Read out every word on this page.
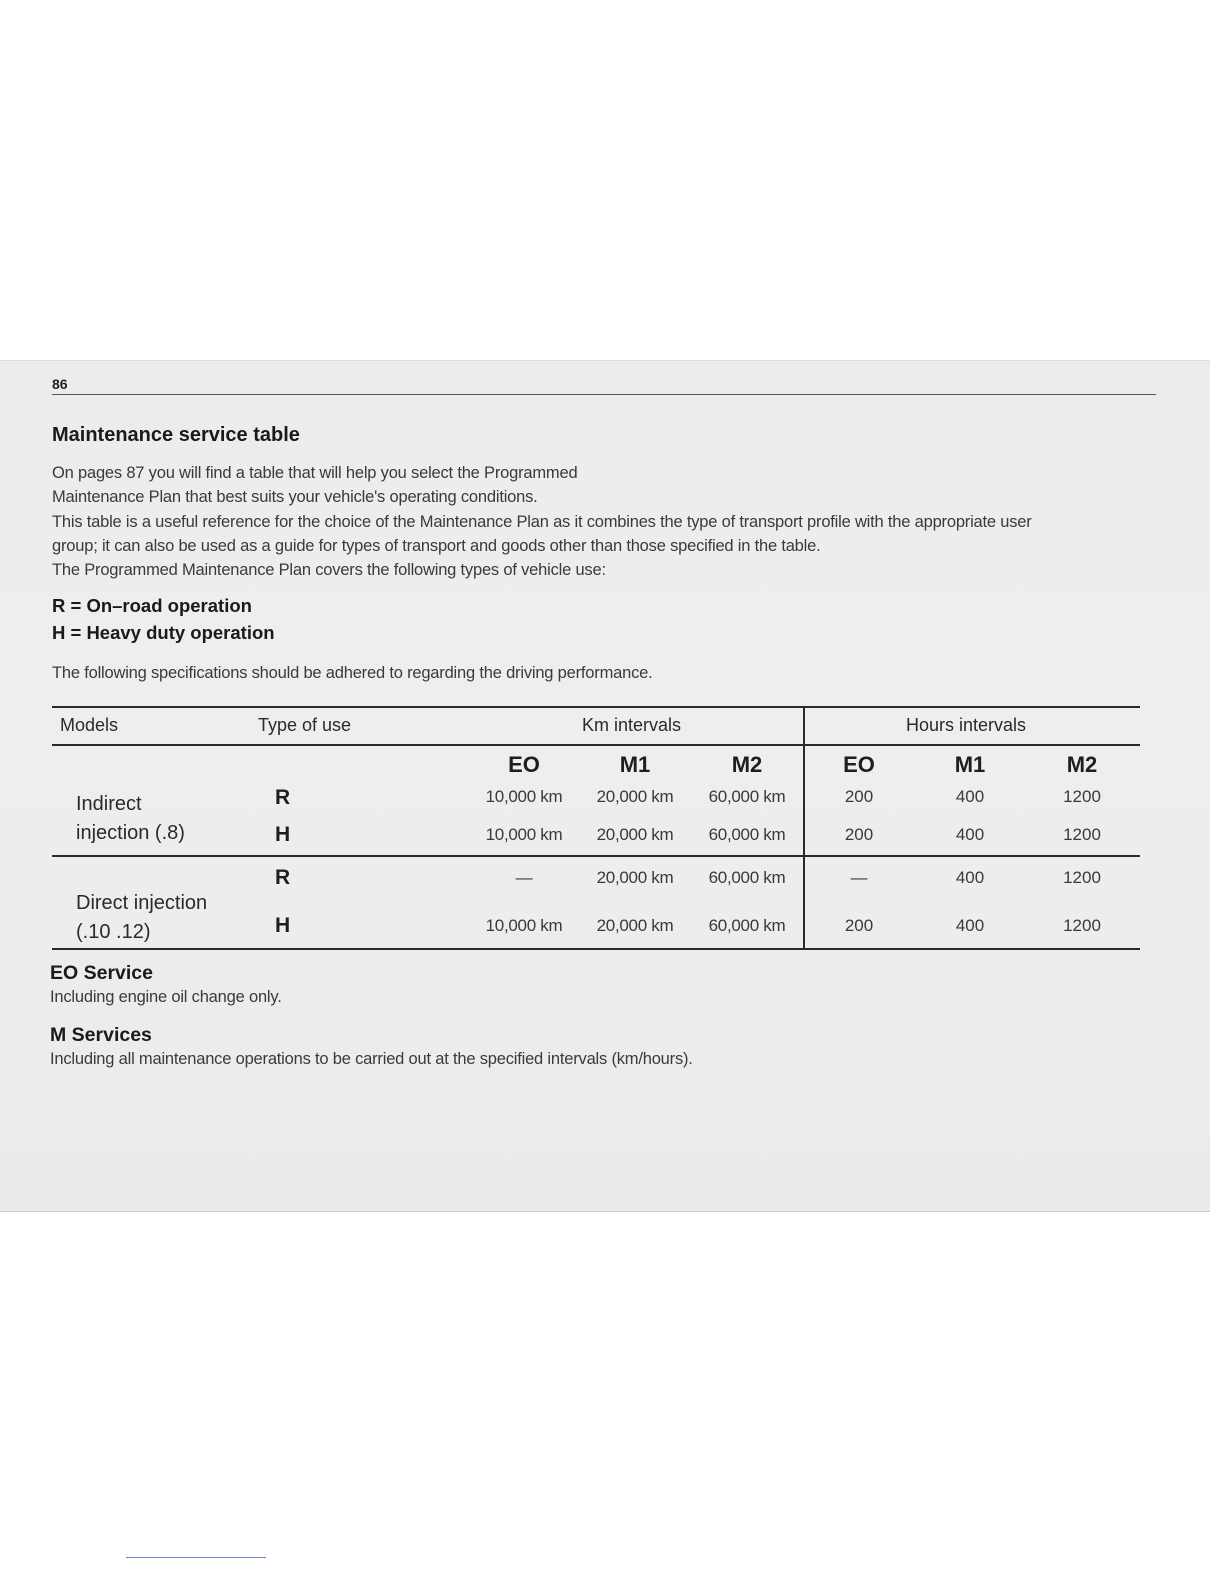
86
Maintenance service table

On pages 87 you will find a table that will help you select the Programmed
Maintenance Plan that best suits your vehicle's operating conditions.
This table is a useful reference for the choice of the Maintenance Plan as it combines the type of transport profile with the appropriate user
group; it can also be used as a guide for types of transport and goods other than those specified in the table.
The Programmed Maintenance Plan covers the following types of vehicle use:

R = On–road operation
H = Heavy duty operation

The following specifications should be adhered to regarding the driving performance.

Models	Type of use	Km intervals	Hours intervals
EO	M1	M2	EO	M1	M2
Indirect
injection (.8)
R	10,000 km	20,000 km	60,000 km	200	400	1200
H	10,000 km	20,000 km	60,000 km	200	400	1200
Direct injection
(.10 .12)
R	—	20,000 km	60,000 km	—	400	1200
H	10,000 km	20,000 km	60,000 km	200	400	1200
EO Service

Including engine oil change only.

M Services

Including all maintenance operations to be carried out at the specified intervals (km/hours).
